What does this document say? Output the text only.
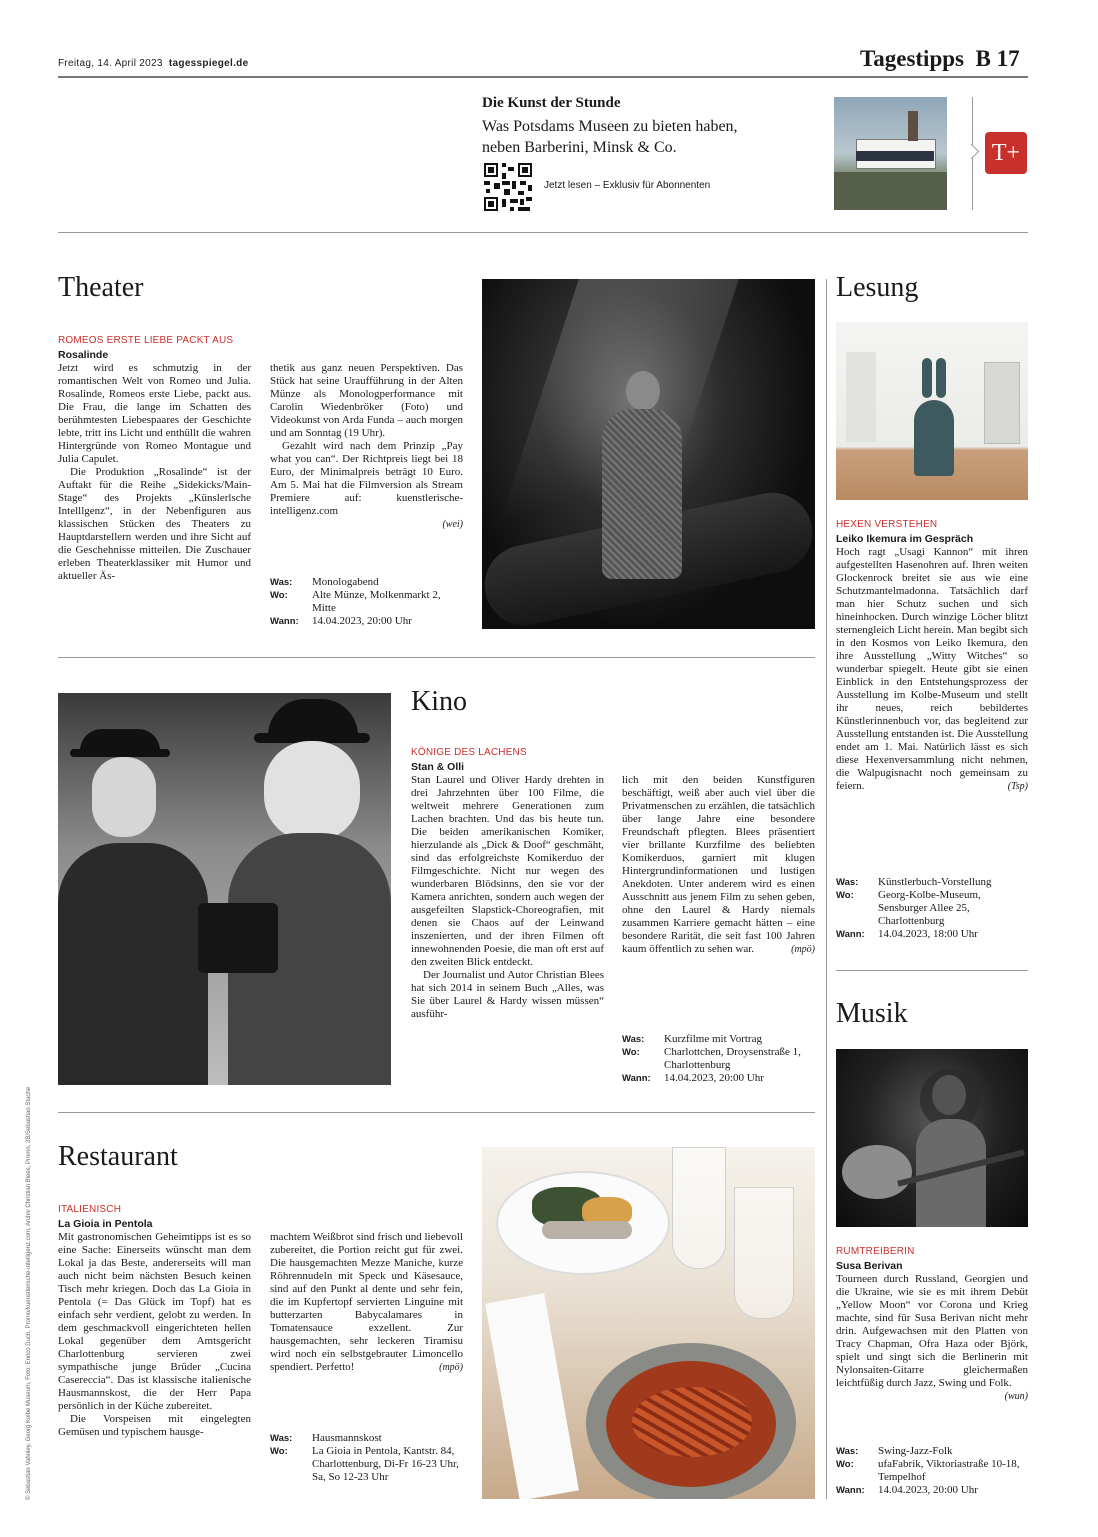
Freitag, 14. April 2023 tagesspiegel.de	Tagestipps B 17
Die Kunst der Stunde
Was Potsdams Museen zu bieten haben,
neben Barberini, Minsk & Co.
Jetzt lesen – Exklusiv für Abonnenten
T+
Theater
ROMEOS ERSTE LIEBE PACKT AUS
Rosalinde

Jetzt wird es schmutzig in der romantischen Welt von Romeo und Julia. Rosalinde, Romeos erste Liebe, packt aus. Die Frau, die lange im Schatten des berühmtesten Liebespaares der Geschichte lebte, tritt ins Licht und enthüllt die wahren Hintergründe von Romeo Montague und Julia Capulet.

Die Produktion „Rosalinde“ ist der Auftakt für die Reihe „Sidekicks/Main-Stage“ des Projekts „Künslerlsche Intelllgenz“, in der Nebenfiguren aus klassischen Stücken des Theaters zu Hauptdarstellern werden und ihre Sicht auf die Geschehnisse mitteilen. Die Zuschauer erleben Theaterklassiker mit Humor und aktueller Äs-

thetik aus ganz neuen Perspektiven. Das Stück hat seine Uraufführung in der Alten Münze als Monologperformance mit Carolin Wiedenbröker (Foto) und Videokunst von Arda Funda – auch morgen und am Sonntag (19 Uhr).

Gezahlt wird nach dem Prinzip „Pay what you can“. Der Richtpreis liegt bei 18 Euro, der Minimalpreis beträgt 10 Euro. Am 5. Mai hat die Filmversion als Stream Premiere auf: kuenstlerische-intelligenz.com

(wei)
Was:	Monologabend
Wo:	Alte Münze, Molkenmarkt 2, Mitte
Wann:	14.04.2023, 20:00 Uhr
Lesung
HEXEN VERSTEHEN
Leiko Ikemura im Gespräch

Hoch ragt „Usagi Kannon“ mit ihren aufgestellten Hasenohren auf. Ihren weiten Glockenrock breitet sie aus wie eine Schutzmantelmadonna. Tatsächlich darf man hier Schutz suchen und sich hineinhocken. Durch winzige Löcher blitzt sternengleich Licht herein. Man begibt sich in den Kosmos von Leiko Ikemura, den ihre Ausstellung „Witty Witches“ so wunderbar spiegelt. Heute gibt sie einen Einblick in den Entstehungsprozess der Ausstellung im Kolbe-Museum und stellt ihr neues, reich bebildertes Künstlerinnenbuch vor, das begleitend zur Ausstellung entstanden ist. Die Ausstellung endet am 1. Mai. Natürlich lässt es sich diese Hexenversammlung nicht nehmen, die Walpugisnacht noch gemeinsam zu feiern.	(Tsp)

Was:	Künstlerbuch-Vorstellung
Wo:	Georg-Kolbe-Museum, Sensburger Allee 25, Charlottenburg
Wann:	14.04.2023, 18:00 Uhr
Kino
KÖNIGE DES LACHENS
Stan & Olli

Stan Laurel und Oliver Hardy drehten in drei Jahrzehnten über 100 Filme, die weltweit mehrere Generationen zum Lachen brachten. Und das bis heute tun. Die beiden amerikanischen Komiker, hierzulande als „Dick & Doof“ geschmäht, sind das erfolgreichste Komikerduo der Filmgeschichte. Nicht nur wegen des wunderbaren Blödsinns, den sie vor der Kamera anrichten, sondern auch wegen der ausgefeilten Slapstick-Choreografien, mit denen sie Chaos auf der Leinwand inszenierten, und der ihren Filmen oft innewohnenden Poesie, die man oft erst auf den zweiten Blick entdeckt.

Der Journalist und Autor Christian Blees hat sich 2014 in seinem Buch „Alles, was Sie über Laurel & Hardy wissen müssen“ ausführ-

lich mit den beiden Kunstfiguren beschäftigt, weiß aber auch viel über die Privatmenschen zu erzählen, die tatsächlich über lange Jahre eine besondere Freundschaft pflegten. Blees präsentiert vier brillante Kurzfilme des beliebten Komikerduos, garniert mit klugen Hintergrundinformationen und lustigen Anekdoten. Unter anderem wird es einen Ausschnitt aus jenem Film zu sehen geben, ohne den Laurel & Hardy niemals zusammen Karriere gemacht hätten – eine besondere Rarität, die seit fast 100 Jahren kaum öffentlich zu sehen war.	(mpö)

Was:	Kurzfilme mit Vortrag
Wo:	Charlottchen, Droysenstraße 1, Charlottenburg
Wann:	14.04.2023, 20:00 Uhr
Musik
RUMTREIBERIN
Susa Berivan

Tourneen durch Russland, Georgien und die Ukraine, wie sie es mit ihrem Debüt „Yellow Moon“ vor Corona und Krieg machte, sind für Susa Berivan nicht mehr drin. Aufgewachsen mit den Platten von Tracy Chapman, Ofra Haza oder Björk, spielt und singt sich die Berlinerin mit Nylonsaiten-Gitarre gleichermaßen leichtfüßig durch Jazz, Swing und Folk.
(wun)

Was:	Swing-Jazz-Folk
Wo:	ufaFabrik, Viktoriastraße 10-18, Tempelhof
Wann:	14.04.2023, 20:00 Uhr
Restaurant
ITALIENISCH
La Gioia in Pentola

Mit gastronomischen Geheimtipps ist es so eine Sache: Einerseits wünscht man dem Lokal ja das Beste, andererseits will man auch nicht beim nächsten Besuch keinen Tisch mehr kriegen. Doch das La Gioia in Pentola (= Das Glück im Topf) hat es einfach sehr verdient, gelobt zu werden. In dem geschmackvoll eingerichteten hellen Lokal gegenüber dem Amtsgericht Charlottenburg servieren zwei sympathische junge Brüder „Cucina Casereccia“. Das ist klassische italienische Hausmannskost, die der Herr Papa persönlich in der Küche zubereitet.

Die Vorspeisen mit eingelegten Gemüsen und typischem hausge-

machtem Weißbrot sind frisch und liebevoll zubereitet, die Portion reicht gut für zwei. Die hausgemachten Mezze Maniche, kurze Röhrennudeln mit Speck und Käsesauce, sind auf den Punkt al dente und sehr fein, die im Kupfertopf servierten Linguine mit butterzarten Babycalamares in Tomatensauce exzellent. Zur hausgemachten, sehr leckeren Tiramisu wird noch ein selbstgebrauter Limoncello spendiert. Perfetto!	(mpö)

Was:	Hausmannskost
Wo:	La Gioia in Pentola, Kantstr. 84, Charlottenburg, Di-Fr 16-23 Uhr, Sa, So 12-23 Uhr
© Sebastian Vahnley, Georg Kolbe Museum, Foto: Enrico Duch, Promo/kuenstlerische-intelligenz.com, Archiv Christian Blees, Promo, 2B/Sebastian Stache
